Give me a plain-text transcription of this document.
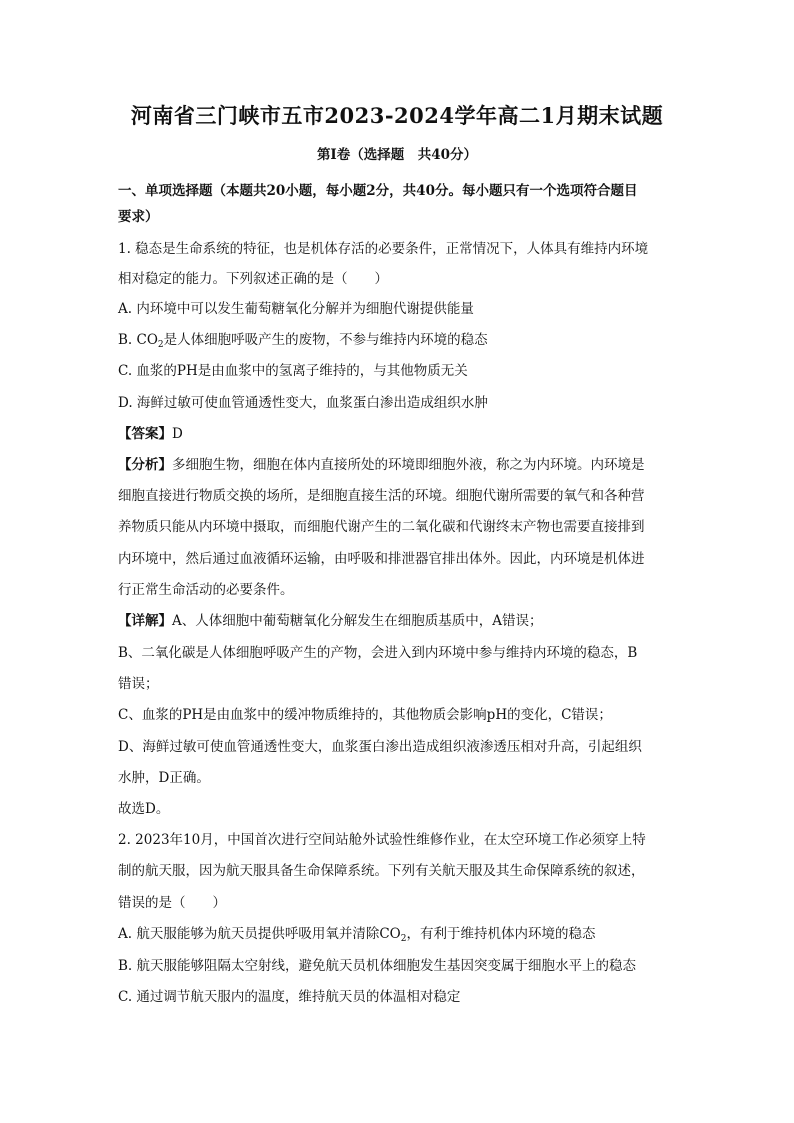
河南省三门峡市五市2023-2024学年高二1月期末试题
第Ⅰ卷（选择题　共40分）
一、单项选择题（本题共20小题，每小题2分，共40分。每小题只有一个选项符合题目
要求）
1. 稳态是生命系统的特征，也是机体存活的必要条件，正常情况下，人体具有维持内环境
相对稳定的能力。下列叙述正确的是（　　）
A. 内环境中可以发生葡萄糖氧化分解并为细胞代谢提供能量
B. $CO_2$是人体细胞呼吸产生的废物，不参与维持内环境的稳态
C. 血浆的PH是由血浆中的氢离子维持的，与其他物质无关
D. 海鲜过敏可使血管通透性变大，血浆蛋白渗出造成组织水肿
【答案】D
【分析】多细胞生物，细胞在体内直接所处的环境即细胞外液，称之为内环境。内环境是
细胞直接进行物质交换的场所，是细胞直接生活的环境。细胞代谢所需要的氧气和各种营
养物质只能从内环境中摄取，而细胞代谢产生的二氧化碳和代谢终末产物也需要直接排到
内环境中，然后通过血液循环运输，由呼吸和排泄器官排出体外。因此，内环境是机体进
行正常生命活动的必要条件。
【详解】A、人体细胞中葡萄糖氧化分解发生在细胞质基质中，A错误；
B、二氧化碳是人体细胞呼吸产生的产物，会进入到内环境中参与维持内环境的稳态，B
错误；
C、血浆的PH是由血浆中的缓冲物质维持的，其他物质会影响pH的变化，C错误；
D、海鲜过敏可使血管通透性变大，血浆蛋白渗出造成组织液渗透压相对升高，引起组织
水肿，D正确。
故选D。
2. 2023年10月，中国首次进行空间站舱外试验性维修作业，在太空环境工作必须穿上特
制的航天服，因为航天服具备生命保障系统。下列有关航天服及其生命保障系统的叙述，
错误的是（　　）
A. 航天服能够为航天员提供呼吸用氧并清除$CO_2$，有利于维持机体内环境的稳态
B. 航天服能够阻隔太空射线，避免航天员机体细胞发生基因突变属于细胞水平上的稳态
C. 通过调节航天服内的温度，维持航天员的体温相对稳定
